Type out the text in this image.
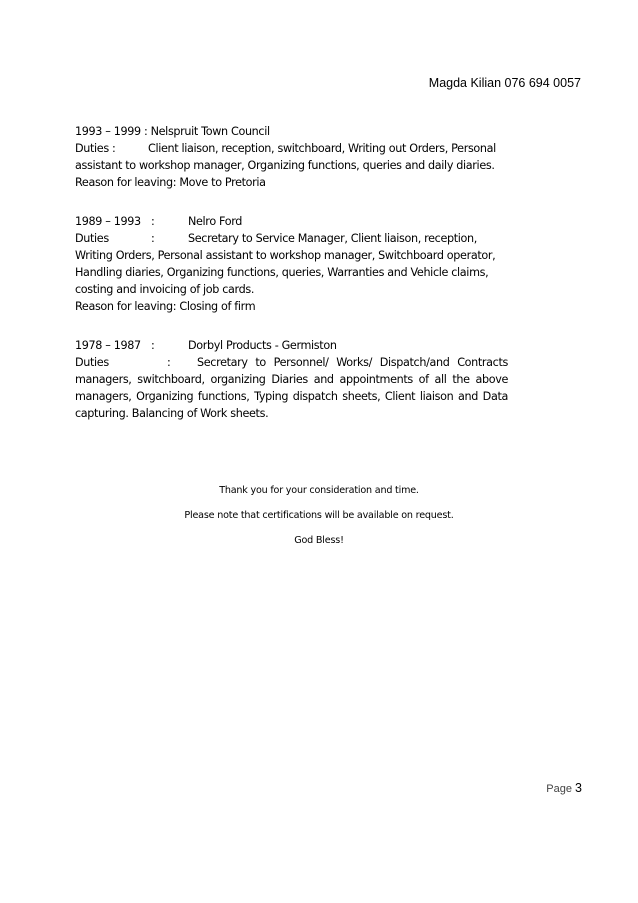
Magda Kilian 076 694 0057
1993 – 1999 : Nelspruit Town Council
Duties :	Client liaison, reception, switchboard, Writing out Orders, Personal
assistant to workshop manager, Organizing functions, queries and daily diaries.
Reason for leaving: Move to Pretoria
1989 – 1993 :	Nelro Ford
Duties	:	Secretary to Service Manager, Client liaison, reception,
Writing Orders, Personal assistant to workshop manager, Switchboard operator,
Handling diaries, Organizing functions, queries, Warranties and Vehicle claims,
costing and invoicing of job cards.
Reason for leaving: Closing of firm
1978 – 1987 :	Dorbyl Products - Germiston
Duties	:	Secretary to Personnel/ Works/ Dispatch/and Contracts
managers, switchboard, organizing Diaries and appointments of all the above managers, Organizing functions, Typing dispatch sheets, Client liaison and Data capturing. Balancing of Work sheets.
Thank you for your consideration and time.
Please note that certifications will be available on request.
God Bless!
Page 3
